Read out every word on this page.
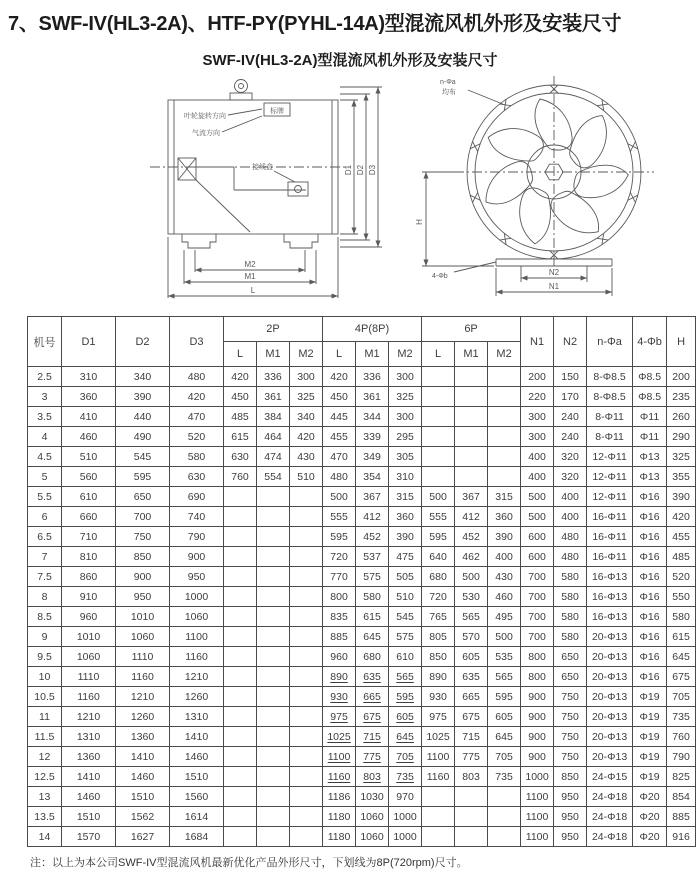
7、SWF-IV(HL3-2A)、HTF-PY(PYHL-14A)型混流风机外形及安装尺寸
SWF-IV(HL3-2A)型混流风机外形及安装尺寸
叶轮旋转方向
标牌
气流方向
接线盒
M2
M1
L
D1 D2 D3
n-Φa
均布
4-Φb
H
N2
N1
机号	D1	D2	D3	2P			4P(8P)			6P			N1	N2	n-Φa	4-Φb	H
				L	M1	M2	L	M1	M2	L	M1	M2					
2.5	310	340	480	420	336	300	420	336	300				200	150	8-Φ8.5	Φ8.5	200
3	360	390	420	450	361	325	450	361	325				220	170	8-Φ8.5	Φ8.5	235
3.5	410	440	470	485	384	340	445	344	300				300	240	8-Φ11	Φ11	260
4	460	490	520	615	464	420	455	339	295				300	240	8-Φ11	Φ11	290
4.5	510	545	580	630	474	430	470	349	305				400	320	12-Φ11	Φ13	325
5	560	595	630	760	554	510	480	354	310				400	320	12-Φ11	Φ13	355
5.5	610	650	690				500	367	315	500	367	315	500	400	12-Φ11	Φ16	390
6	660	700	740				555	412	360	555	412	360	500	400	16-Φ11	Φ16	420
6.5	710	750	790				595	452	390	595	452	390	600	480	16-Φ11	Φ16	455
7	810	850	900				720	537	475	640	462	400	600	480	16-Φ11	Φ16	485
7.5	860	900	950				770	575	505	680	500	430	700	580	16-Φ13	Φ16	520
8	910	950	1000				800	580	510	720	530	460	700	580	16-Φ13	Φ16	550
8.5	960	1010	1060				835	615	545	765	565	495	700	580	16-Φ13	Φ16	580
9	1010	1060	1100				885	645	575	805	570	500	700	580	20-Φ13	Φ16	615
9.5	1060	1110	1160				960	680	610	850	605	535	800	650	20-Φ13	Φ16	645
10	1110	1160	1210				890	635	565	890	635	565	800	650	20-Φ13	Φ16	675
10.5	1160	1210	1260				930	665	595	930	665	595	900	750	20-Φ13	Φ19	705
11	1210	1260	1310				975	675	605	975	675	605	900	750	20-Φ13	Φ19	735
11.5	1310	1360	1410				1025	715	645	1025	715	645	900	750	20-Φ13	Φ19	760
12	1360	1410	1460				1100	775	705	1100	775	705	900	750	20-Φ13	Φ19	790
12.5	1410	1460	1510				1160	803	735	1160	803	735	1000	850	24-Φ15	Φ19	825
13	1460	1510	1560				1186	1030	970				1100	950	24-Φ18	Φ20	854
13.5	1510	1562	1614				1180	1060	1000				1100	950	24-Φ18	Φ20	885
14	1570	1627	1684				1180	1060	1000				1100	950	24-Φ18	Φ20	916

注：以上为本公司SWF-IV型混流风机最新优化产品外形尺寸，下划线为8P(720rpm)尺寸。
